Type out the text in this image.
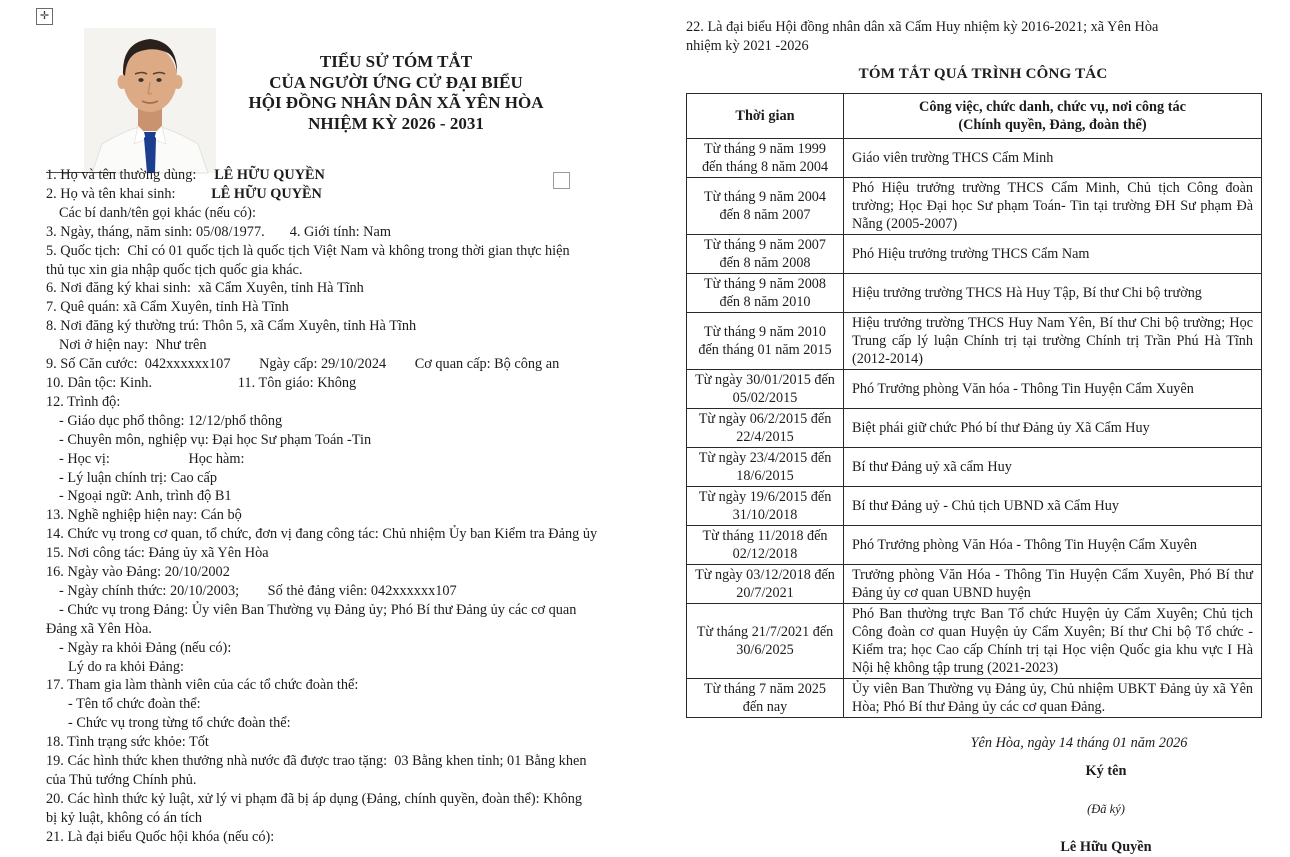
✛
TIỂU SỬ TÓM TẮT
CỦA NGƯỜI ỨNG CỬ ĐẠI BIỂU
HỘI ĐỒNG NHÂN DÂN XÃ YÊN HÒA
NHIỆM KỲ 2026 - 2031
1. Họ và tên thường dùng:     LÊ HỮU QUYỀN
2. Họ và tên khai sinh:          LÊ HỮU QUYỀN
Các bí danh/tên gọi khác (nếu có):
3. Ngày, tháng, năm sinh: 05/08/1977.       4. Giới tính: Nam
5. Quốc tịch:  Chỉ có 01 quốc tịch là quốc tịch Việt Nam và không trong thời gian thực hiện
thủ tục xin gia nhập quốc tịch quốc gia khác.
6. Nơi đăng ký khai sinh:  xã Cẩm Xuyên, tỉnh Hà Tĩnh
7. Quê quán: xã Cẩm Xuyên, tỉnh Hà Tĩnh
8. Nơi đăng ký thường trú: Thôn 5, xã Cẩm Xuyên, tỉnh Hà Tĩnh
Nơi ở hiện nay:  Như trên
9. Số Căn cước:  042xxxxxx107        Ngày cấp: 29/10/2024        Cơ quan cấp: Bộ công an
10. Dân tộc: Kinh.                        11. Tôn giáo: Không
12. Trình độ:
- Giáo dục phổ thông: 12/12/phổ thông
- Chuyên môn, nghiệp vụ: Đại học Sư phạm Toán -Tin
- Học vị:                      Học hàm:
- Lý luận chính trị: Cao cấp
- Ngoại ngữ: Anh, trình độ B1
13. Nghề nghiệp hiện nay: Cán bộ
14. Chức vụ trong cơ quan, tổ chức, đơn vị đang công tác: Chủ nhiệm Ủy ban Kiểm tra Đảng ủy
15. Nơi công tác: Đảng ủy xã Yên Hòa
16. Ngày vào Đảng: 20/10/2002
- Ngày chính thức: 20/10/2003;        Số thẻ đảng viên: 042xxxxxx107
- Chức vụ trong Đảng: Ủy viên Ban Thường vụ Đảng ủy; Phó Bí thư Đảng ủy các cơ quan
Đảng xã Yên Hòa.
- Ngày ra khỏi Đảng (nếu có):
Lý do ra khỏi Đảng:
17. Tham gia làm thành viên của các tổ chức đoàn thể:
- Tên tổ chức đoàn thể:
- Chức vụ trong từng tổ chức đoàn thể:
18. Tình trạng sức khỏe: Tốt
19. Các hình thức khen thưởng nhà nước đã được trao tặng:  03 Bằng khen tỉnh; 01 Bằng khen
của Thủ tướng Chính phủ.
20. Các hình thức kỷ luật, xử lý vi phạm đã bị áp dụng (Đảng, chính quyền, đoàn thể): Không
bị kỷ luật, không có án tích
21. Là đại biểu Quốc hội khóa (nếu có):
22. Là đại biểu Hội đồng nhân dân xã Cẩm Huy nhiệm kỳ 2016-2021; xã Yên Hòa
nhiệm kỳ 2021 -2026
TÓM TẮT QUÁ TRÌNH CÔNG TÁC
Thời gian	Công việc, chức danh, chức vụ, nơi công tác
(Chính quyền, Đảng, đoàn thể)

Từ tháng 9 năm 1999 đến tháng 8 năm 2004	Giáo viên trường THCS Cẩm Minh
Từ tháng 9 năm 2004 đến 8 năm 2007	Phó Hiệu trưởng trường THCS Cẩm Minh, Chủ tịch Công đoàn trường; Học Đại học Sư phạm Toán- Tin tại trường ĐH Sư phạm Đà Nẵng (2005-2007)
Từ tháng 9 năm 2007 đến 8 năm 2008	Phó Hiệu trưởng trường THCS Cẩm Nam
Từ tháng 9 năm 2008 đến 8 năm 2010	Hiệu trưởng trường THCS Hà Huy Tập, Bí thư Chi bộ trường
Từ tháng 9 năm 2010 đến tháng 01 năm 2015	Hiệu trưởng trường THCS Huy Nam Yên, Bí thư Chi bộ trường; Học Trung cấp lý luận Chính trị tại trường Chính trị Trần Phú Hà Tĩnh (2012-2014)
Từ ngày 30/01/2015 đến 05/02/2015	Phó Trưởng phòng Văn hóa - Thông Tin Huyện Cẩm Xuyên
Từ ngày 06/2/2015 đến 22/4/2015	Biệt phái giữ chức Phó bí thư Đảng ủy Xã Cẩm Huy
Từ ngày 23/4/2015 đến 18/6/2015	Bí thư Đảng uỷ xã cẩm Huy
Từ ngày 19/6/2015 đến 31/10/2018	Bí thư Đảng uỷ - Chủ tịch UBND xã Cẩm Huy
Từ tháng 11/2018 đến 02/12/2018	Phó Trưởng phòng Văn Hóa - Thông Tin Huyện Cẩm Xuyên
Từ ngày 03/12/2018 đến 20/7/2021	Trưởng phòng Văn Hóa - Thông Tin Huyện Cẩm Xuyên, Phó Bí thư Đảng ủy cơ quan UBND huyện
Từ tháng 21/7/2021 đến 30/6/2025	Phó Ban thường trực Ban Tổ chức Huyện ủy Cẩm Xuyên; Chủ tịch Công đoàn cơ quan Huyện ủy Cẩm Xuyên; Bí thư Chi bộ Tổ chức - Kiểm tra; học Cao cấp Chính trị tại Học viện Quốc gia khu vực I Hà Nội hệ không tập trung (2021-2023)
Từ tháng 7 năm 2025 đến nay	Ủy viên Ban Thường vụ Đảng ủy, Chủ nhiệm UBKT Đảng ủy xã Yên Hòa; Phó Bí thư Đảng ủy các cơ quan Đảng.
Yên Hòa, ngày 14 tháng 01 năm 2026
Ký tên
(Đã ký)
Lê Hữu Quyền
